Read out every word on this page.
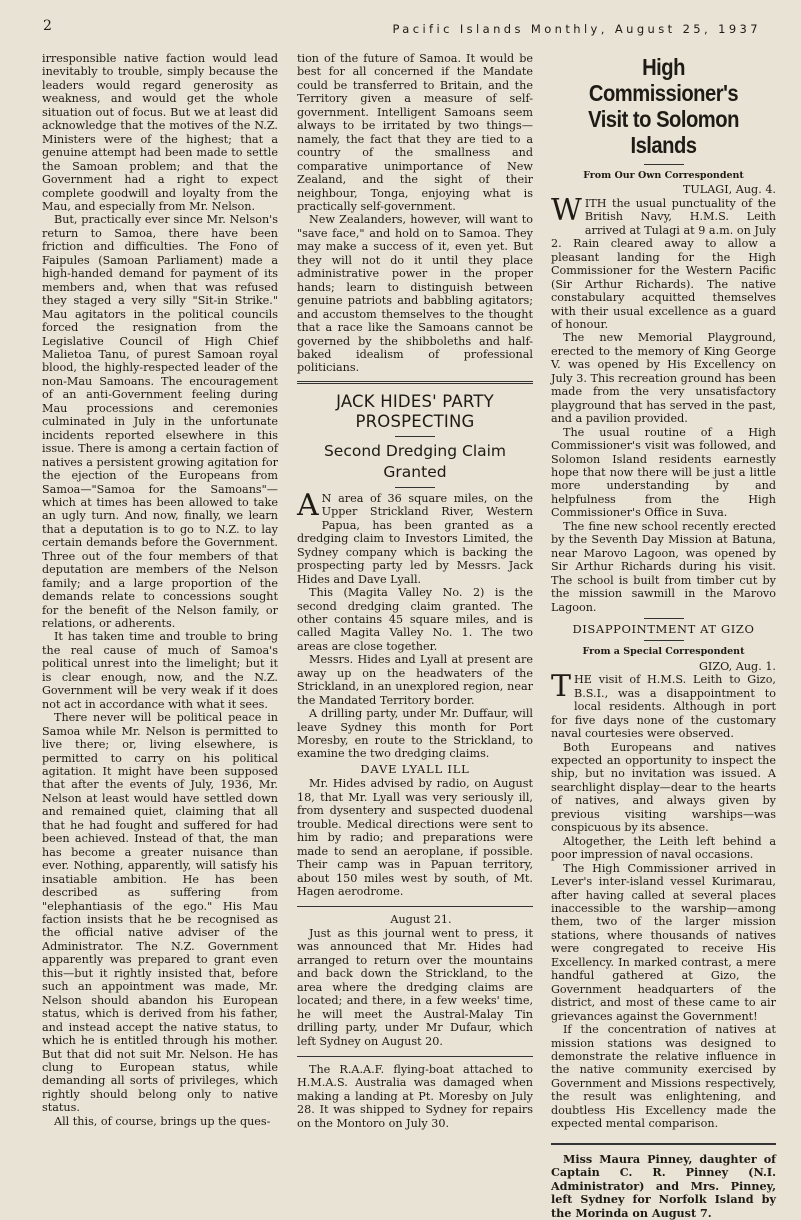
2	Pacific Islands Monthly, August 25, 1937

irresponsible native faction would lead inevitably to trouble, simply because the leaders would regard generosity as weakness, and would get the whole situation out of focus. But we at least did acknowledge that the motives of the N.Z. Ministers were of the highest; that a genuine attempt had been made to settle the Samoan problem; and that the Government had a right to expect complete goodwill and loyalty from the Mau, and especially from Mr. Nelson.

But, practically ever since Mr. Nelson's return to Samoa, there have been friction and difficulties. The Fono of Faipules (Samoan Parliament) made a high-handed demand for payment of its members and, when that was refused they staged a very silly "Sit-in Strike." Mau agitators in the political councils forced the resignation from the Legislative Council of High Chief Malietoa Tanu, of purest Samoan royal blood, the highly-respected leader of the non-Mau Samoans. The encouragement of an anti-Government feeling during Mau processions and ceremonies culminated in July in the unfortunate incidents reported elsewhere in this issue. There is among a certain faction of natives a persistent growing agitation for the ejection of the Europeans from Samoa—"Samoa for the Samoans"—which at times has been allowed to take an ugly turn. And now, finally, we learn that a deputation is to go to N.Z. to lay certain demands before the Government. Three out of the four members of that deputation are members of the Nelson family; and a large proportion of the demands relate to concessions sought for the benefit of the Nelson family, or relations, or adherents.

It has taken time and trouble to bring the real cause of much of Samoa's political unrest into the limelight; but it is clear enough, now, and the N.Z. Government will be very weak if it does not act in accordance with what it sees.

There never will be political peace in Samoa while Mr. Nelson is permitted to live there; or, living elsewhere, is permitted to carry on his political agitation. It might have been supposed that after the events of July, 1936, Mr. Nelson at least would have settled down and remained quiet, claiming that all that he had fought and suffered for had been achieved. Instead of that, the man has become a greater nuisance than ever. Nothing, apparently, will satisfy his insatiable ambition. He has been described as suffering from "elephantiasis of the ego." His Mau faction insists that he be recognised as the official native adviser of the Administrator. The N.Z. Government apparently was prepared to grant even this—but it rightly insisted that, before such an appointment was made, Mr. Nelson should abandon his European status, which is derived from his father, and instead accept the native status, to which he is entitled through his mother. But that did not suit Mr. Nelson. He has clung to European status, while demanding all sorts of privileges, which rightly should belong only to native status.

All this, of course, brings up the ques-

tion of the future of Samoa. It would be best for all concerned if the Mandate could be transferred to Britain, and the Territory given a measure of self-government. Intelligent Samoans seem always to be irritated by two things—namely, the fact that they are tied to a country of the smallness and comparative unimportance of New Zealand, and the sight of their neighbour, Tonga, enjoying what is practically self-government.

New Zealanders, however, will want to "save face," and hold on to Samoa. They may make a success of it, even yet. But they will not do it until they place administrative power in the proper hands; learn to distinguish between genuine patriots and babbling agitators; and accustom themselves to the thought that a race like the Samoans cannot be governed by the shibboleths and half-baked idealism of professional politicians.

JACK HIDES' PARTY PROSPECTING
Second Dredging Claim Granted

A N area of 36 square miles, on the Upper Strickland River, Western Papua, has been granted as a dredging claim to Investors Limited, the Sydney company which is backing the prospecting party led by Messrs. Jack Hides and Dave Lyall.

This (Magita Valley No. 2) is the second dredging claim granted. The other contains 45 square miles, and is called Magita Valley No. 1. The two areas are close together.

Messrs. Hides and Lyall at present are away up on the headwaters of the Strickland, in an unexplored region, near the Mandated Territory border.

A drilling party, under Mr. Duffaur, will leave Sydney this month for Port Moresby, en route to the Strickland, to examine the two dredging claims.

DAVE LYALL ILL

Mr. Hides advised by radio, on August 18, that Mr. Lyall was very seriously ill, from dysentery and suspected duodenal trouble. Medical directions were sent to him by radio; and preparations were made to send an aeroplane, if possible. Their camp was in Papuan territory, about 150 miles west by south, of Mt. Hagen aerodrome.

August 21.

Just as this journal went to press, it was announced that Mr. Hides had arranged to return over the mountains and back down the Strickland, to the area where the dredging claims are located; and there, in a few weeks' time, he will meet the Austral-Malay Tin drilling party, under Mr Dufaur, which left Sydney on August 20.

The R.A.A.F. flying-boat attached to H.M.A.S. Australia was damaged when making a landing at Pt. Moresby on July 28. It was shipped to Sydney for repairs on the Montoro on July 30.

High Commissioner's Visit to Solomon Islands
From Our Own Correspondent

TULAGI, Aug. 4.

WITH the usual punctuality of the British Navy, H.M.S. Leith arrived at Tulagi at 9 a.m. on July 2. Rain cleared away to allow a pleasant landing for the High Commissioner for the Western Pacific (Sir Arthur Richards). The native constabulary acquitted themselves with their usual excellence as a guard of honour.

The new Memorial Playground, erected to the memory of King George V. was opened by His Excellency on July 3. This recreation ground has been made from the very unsatisfactory playground that has served in the past, and a pavilion provided.

The usual routine of a High Commissioner's visit was followed, and Solomon Island residents earnestly hope that now there will be just a little more understanding by and helpfulness from the High Commissioner's Office in Suva.

The fine new school recently erected by the Seventh Day Mission at Batuna, near Marovo Lagoon, was opened by Sir Arthur Richards during his visit. The school is built from timber cut by the mission sawmill in the Marovo Lagoon.

DISAPPOINTMENT AT GIZO
From a Special Correspondent

GIZO, Aug. 1.

THE visit of H.M.S. Leith to Gizo, B.S.I., was a disappointment to local residents. Although in port for five days none of the customary naval courtesies were observed.

Both Europeans and natives expected an opportunity to inspect the ship, but no invitation was issued. A searchlight display—dear to the hearts of natives, and always given by previous visiting warships—was conspicuous by its absence.

Altogether, the Leith left behind a poor impression of naval occasions.

The High Commissioner arrived in Lever's inter-island vessel Kurimarau, after having called at several places inaccessible to the warship—among them, two of the larger mission stations, where thousands of natives were congregated to receive His Excellency. In marked contrast, a mere handful gathered at Gizo, the Government headquarters of the district, and most of these came to air grievances against the Government!

If the concentration of natives at mission stations was designed to demonstrate the relative influence in the native community exercised by Government and Missions respectively, the result was enlightening, and doubtless His Excellency made the expected mental comparison.

Miss Maura Pinney, daughter of Captain C. R. Pinney (N.I. Administrator) and Mrs. Pinney, left Sydney for Norfolk Island by the Morinda on August 7.
